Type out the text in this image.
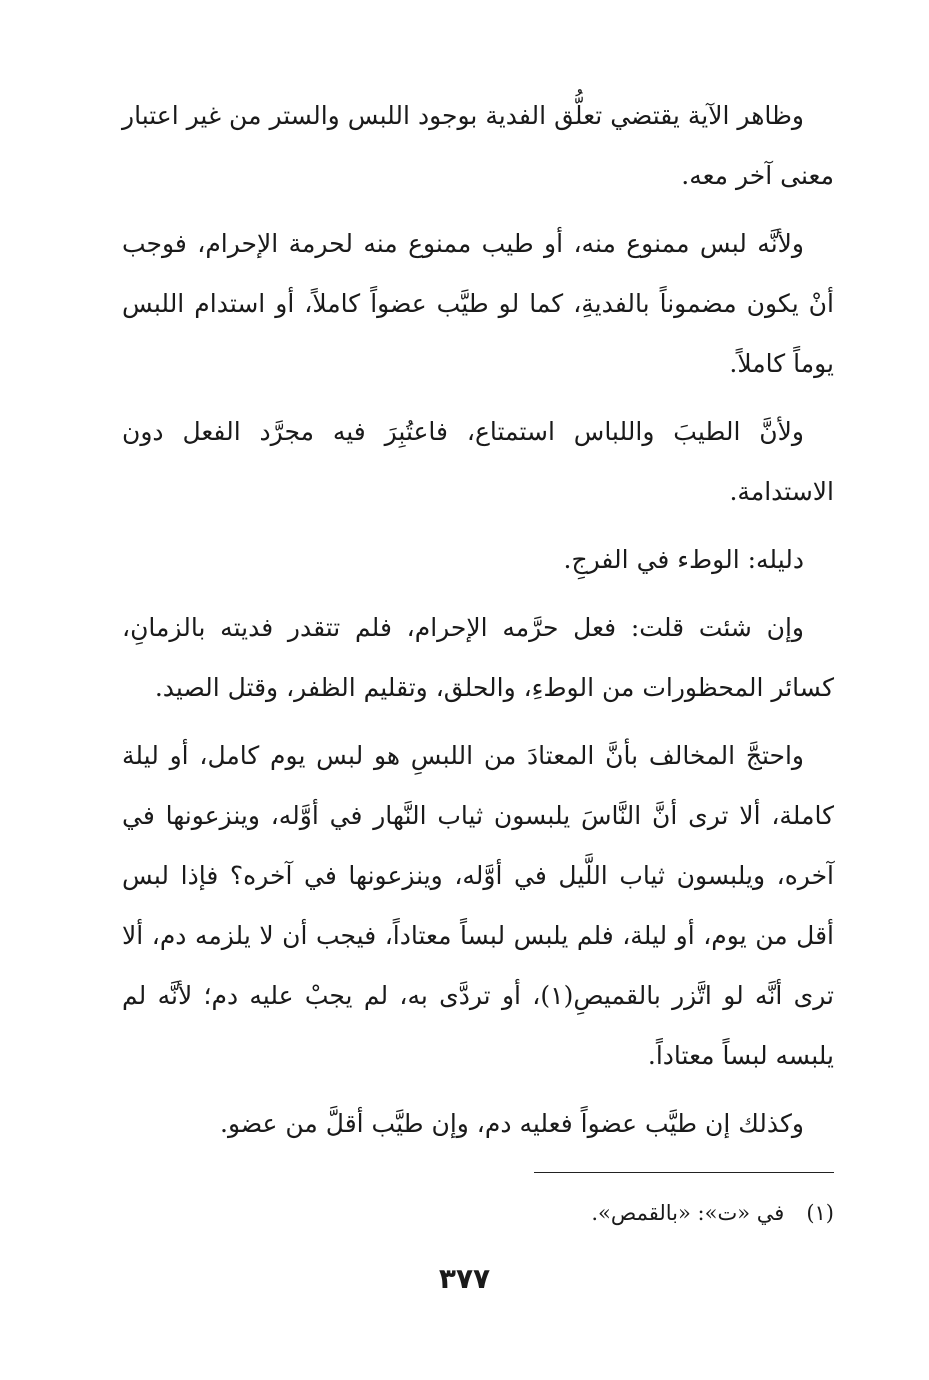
وظاهر الآية يقتضي تعلُّق الفدية بوجود اللبس والستر من غير اعتبار معنى آخر معه.

ولأنَّه لبس ممنوع منه، أو طيب ممنوع منه لحرمة الإحرام، فوجب أنْ يكون مضموناً بالفديةِ، كما لو طيَّب عضواً كاملاً، أو استدام اللبس يوماً كاملاً.

ولأنَّ الطيبَ واللباس استمتاع، فاعتُبِرَ فيه مجرَّد الفعل دون الاستدامة.

دليله: الوطء في الفرجِ.

وإن شئت قلت: فعل حرَّمه الإحرام، فلم تتقدر فديته بالزمانِ، كسائر المحظورات من الوطءِ، والحلق، وتقليم الظفر، وقتل الصيد.

واحتجَّ المخالف بأنَّ المعتادَ من اللبسِ هو لبس يوم كامل، أو ليلة كاملة، ألا ترى أنَّ النَّاسَ يلبسون ثياب النَّهار في أوَّله، وينزعونها في آخره، ويلبسون ثياب اللَّيل في أوَّله، وينزعونها في آخره؟ فإذا لبس أقل من يوم، أو ليلة، فلم يلبس لبساً معتاداً، فيجب أن لا يلزمه دم، ألا ترى أنَّه لو اتَّزر بالقميصِ(١)، أو تردَّى به، لم يجبْ عليه دم؛ لأنَّه لم يلبسه لبساً معتاداً.

وكذلك إن طيَّب عضواً فعليه دم، وإن طيَّب أقلَّ من عضو.

(١)في «ت»: «بالقمص».
٣٧٧
